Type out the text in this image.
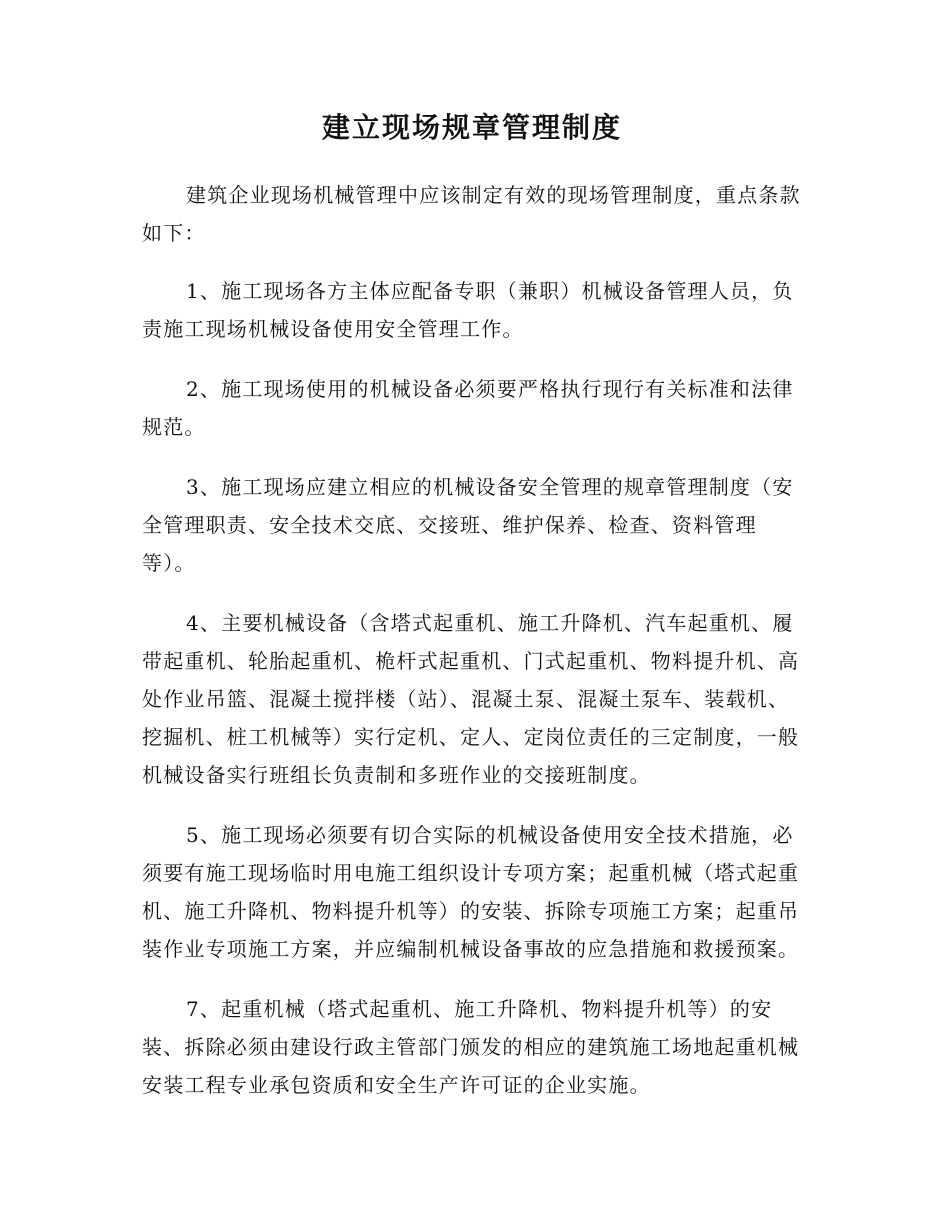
建立现场规章管理制度

建筑企业现场机械管理中应该制定有效的现场管理制度，重点条款如下：

1、施工现场各方主体应配备专职（兼职）机械设备管理人员，负责施工现场机械设备使用安全管理工作。

2、施工现场使用的机械设备必须要严格执行现行有关标准和法律规范。

3、施工现场应建立相应的机械设备安全管理的规章管理制度（安全管理职责、安全技术交底、交接班、维护保养、检查、资料管理等）。

4、主要机械设备（含塔式起重机、施工升降机、汽车起重机、履带起重机、轮胎起重机、桅杆式起重机、门式起重机、物料提升机、高处作业吊篮、混凝土搅拌楼（站）、混凝土泵、混凝土泵车、装载机、挖掘机、桩工机械等）实行定机、定人、定岗位责任的三定制度，一般机械设备实行班组长负责制和多班作业的交接班制度。

5、施工现场必须要有切合实际的机械设备使用安全技术措施，必须要有施工现场临时用电施工组织设计专项方案；起重机械（塔式起重机、施工升降机、物料提升机等）的安装、拆除专项施工方案；起重吊装作业专项施工方案，并应编制机械设备事故的应急措施和救援预案。

7、起重机械（塔式起重机、施工升降机、物料提升机等）的安装、拆除必须由建设行政主管部门颁发的相应的建筑施工场地起重机械安装工程专业承包资质和安全生产许可证的企业实施。
